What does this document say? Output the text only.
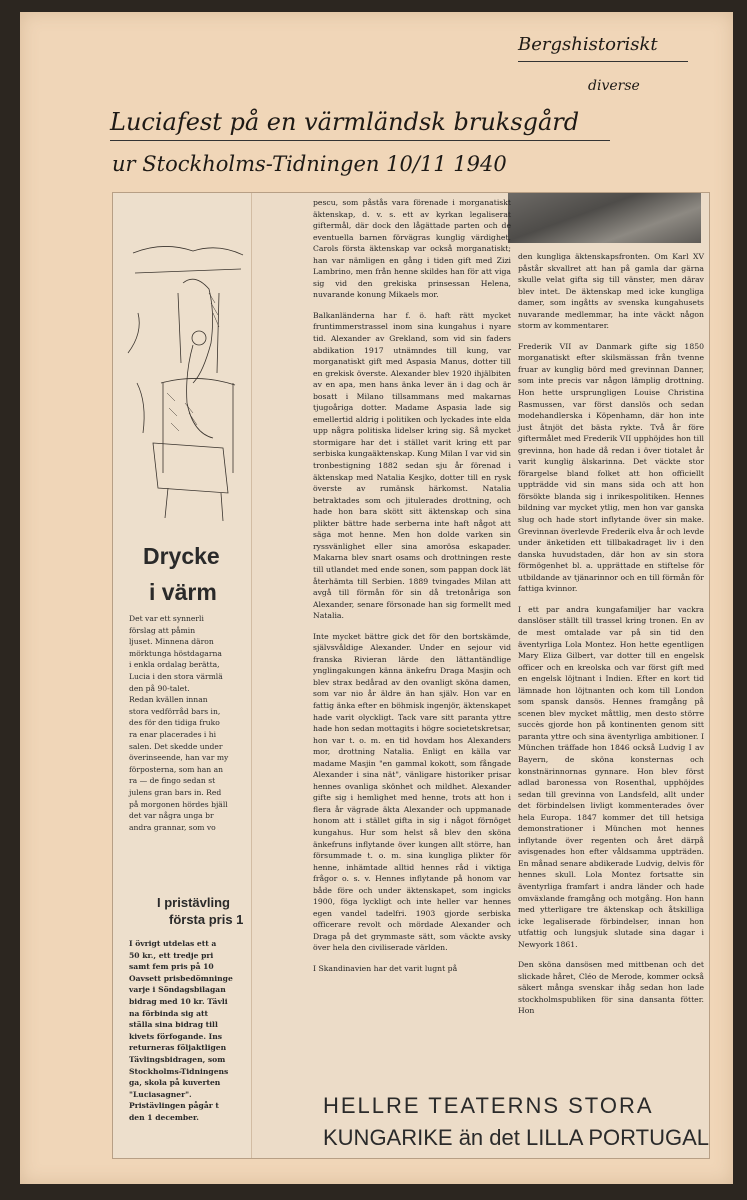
Bergshistoriskt
diverse
Luciafest på en värmländsk bruksgård
ur Stockholms-Tidningen 10/11 1940
Drycke
i värm
Det var ett synnerli
förslag att påmin
ljuset. Minnena däron
mörktunga höstdagarna
i enkla ordalag berätta,
Lucia i den stora värmlä
den på 90-talet.
Redan kvällen innan
stora vedförråd bars in,
des för den tidiga fruko
ra enar placerades i hi
salen. Det skedde under
överinseende, han var my
förposterna, som han an
ra — de fingo sedan st
julens gran bars in. Red
på morgonen hördes bjäll
det var några unga br
andra grannar, som vo
I pristävling
första pris 1
I övrigt utdelas ett a
50 kr., ett tredje pri
samt fem pris på 10
Oavsett prisbedömninge
varje i Söndagsbilagan
bidrag med 10 kr. Tävli
na förbinda sig att
ställa sina bidrag till
kivets förfogande. Ins
returneras följaktligen
Tävlingsbidragen, som
Stockholms-Tidningens
ga, skola på kuverten
"Luciasagner".
Pristävlingen pågår t
den 1 december.

pescu, som påstås vara förenade i morganatiskt äktenskap, d. v. s. ett av kyrkan legaliserat giftermål, där dock den lågättade parten och de eventuella barnen förvägras kunglig värdighet. Carols första äktenskap var också morganatiskt; han var nämligen en gång i tiden gift med Zizi Lambrino, men från henne skildes han för att viga sig vid den grekiska prinsessan Helena, nuvarande konung Mikaels mor.

Balkanländerna har f. ö. haft rätt mycket fruntimmerstrassel inom sina kungahus i nyare tid. Alexander av Grekland, som vid sin faders abdikation 1917 utnämndes till kung, var morganatiskt gift med Aspasia Manus, dotter till en grekisk överste. Alexander blev 1920 ihjälbiten av en apa, men hans änka lever än i dag och är bosatt i Milano tillsammans med makarnas tjugoåriga dotter. Madame Aspasia lade sig emellertid aldrig i politiken och lyckades inte elda upp några politiska lidelser kring sig. Så mycket stormigare har det i stället varit kring ett par serbiska kungaäktenskap. Kung Milan I var vid sin tronbestigning 1882 sedan sju år förenad i äktenskap med Natalia Kesjko, dotter till en rysk överste av rumänsk härkomst. Natalia betraktades som och jitulerades drottning, och hade hon bara skött sitt äktenskap och sina plikter bättre hade serberna inte haft något att säga mot henne. Men hon dolde varken sin ryssvänlighet eller sina amorösa eskapader. Makarna blev snart osams och drottningen reste till utlandet med ende sonen, som pappan dock lät återhämta till Serbien. 1889 tvingades Milan att avgå till förmån för sin då tretonåriga son Alexander, senare försonade han sig formellt med Natalia.

Inte mycket bättre gick det för den bortskämde, självsvåldige Alexander. Under en sejour vid franska Rivieran lärde den lättantändlige ynglingakungen känna änkefru Draga Masjin och blev strax bedårad av den ovanligt sköna damen, som var nio år äldre än han själv. Hon var en fattig änka efter en böhmisk ingenjör, äktenskapet hade varit olyckligt. Tack vare sitt paranta yttre hade hon sedan mottagits i högre societetskretsar, hon var t. o. m. en tid hovdam hos Alexanders mor, drottning Natalia. Enligt en källa var madame Masjin "en gammal kokott, som fångade Alexander i sina nät", vänligare historiker prisar hennes ovanliga skönhet och mildhet. Alexander gifte sig i hemlighet med henne, trots att hon i flera år vägrade äkta Alexander och uppmanade honom att i stället gifta in sig i något förnöget kungahus. Hur som helst så blev den sköna änkefruns inflytande över kungen allt större, han försummade t. o. m. sina kungliga plikter för henne, inhämtade alltid hennes råd i viktiga frågor o. s. v. Hennes inflytande på honom var både före och under äktenskapet, som ingicks 1900, föga lyckligt och inte heller var hennes egen vandel tadelfri. 1903 gjorde serbiska officerare revolt och mördade Alexander och Draga på det grymmaste sätt, som väckte avsky över hela den civiliserade världen.

I Skandinavien har det varit lugnt på

den kungliga äktenskapsfronten. Om Karl XV påstår skvallret att han på gamla dar gärna skulle velat gifta sig till vänster, men därav blev intet. De äktenskap med icke kungliga damer, som ingåtts av svenska kungahusets nuvarande medlemmar, ha inte väckt någon storm av kommentarer.

Frederik VII av Danmark gifte sig 1850 morganatiskt efter skilsmässan från tvenne fruar av kunglig börd med grevinnan Danner, som inte precis var någon lämplig drottning. Hon hette ursprungligen Louise Christina Rasmussen, var först danslös och sedan modehandlerska i Köpenhamn, där hon inte just åtnjöt det bästa rykte. Två år före giftermålet med Frederik VII upphöjdes hon till grevinna, hon hade då redan i över tiotalet år varit kunglig älskarinna. Det väckte stor förargelse bland folket att hon officiellt uppträdde vid sin mans sida och att hon försökte blanda sig i inrikespolitiken. Hennes bildning var mycket ytlig, men hon var ganska slug och hade stort inflytande över sin make. Grevinnan överlevde Frederik elva år och levde under änketiden ett tillbakadraget liv i den danska huvudstaden, där hon av sin stora förmögenhet bl. a. upprättade en stiftelse för utbildande av tjänarinnor och en till förmån för fattiga kvinnor.

I ett par andra kungafamiljer har vackra danslöser ställt till trassel kring tronen. En av de mest omtalade var på sin tid den äventyrliga Lola Montez. Hon hette egentligen Mary Eliza Gilbert, var dotter till en engelsk officer och en kreolska och var först gift med en engelsk löjtnant i Indien. Efter en kort tid lämnade hon löjtnanten och kom till London som spansk dansös. Hennes framgång på scenen blev mycket måttlig, men desto större succès gjorde hon på kontinenten genom sitt paranta yttre och sina äventyrliga ambitioner. I München träffade hon 1846 också Ludvig I av Bayern, de sköna konsternas och konstnärinnornas gynnare. Hon blev först adlad baronessa von Rosenthal, upphöjdes sedan till grevinna von Landsfeld, allt under det förbindelsen livligt kommenterades över hela Europa. 1847 kommer det till hetsiga demonstrationer i München mot hennes inflytande över regenten och året därpå avisgenades hon efter våldsamma uppträden. En månad senare abdikerade Ludvig, delvis för hennes skull. Lola Montez fortsatte sin äventyrliga framfart i andra länder och hade omväxlande framgång och motgång. Hon hann med ytterligare tre äktenskap och åtskilliga icke legaliserade förbindelser, innan hon utfattig och lungsjuk slutade sina dagar i Newyork 1861.

Den sköna dansösen med mittbenan och det slickade håret, Cléo de Merode, kommer också säkert många svenskar ihåg sedan hon lade stockholmspubliken för sina dansanta fötter. Hon

HELLRE TEATERNS STORA
KUNGARIKE än det LILLA PORTUGAL
